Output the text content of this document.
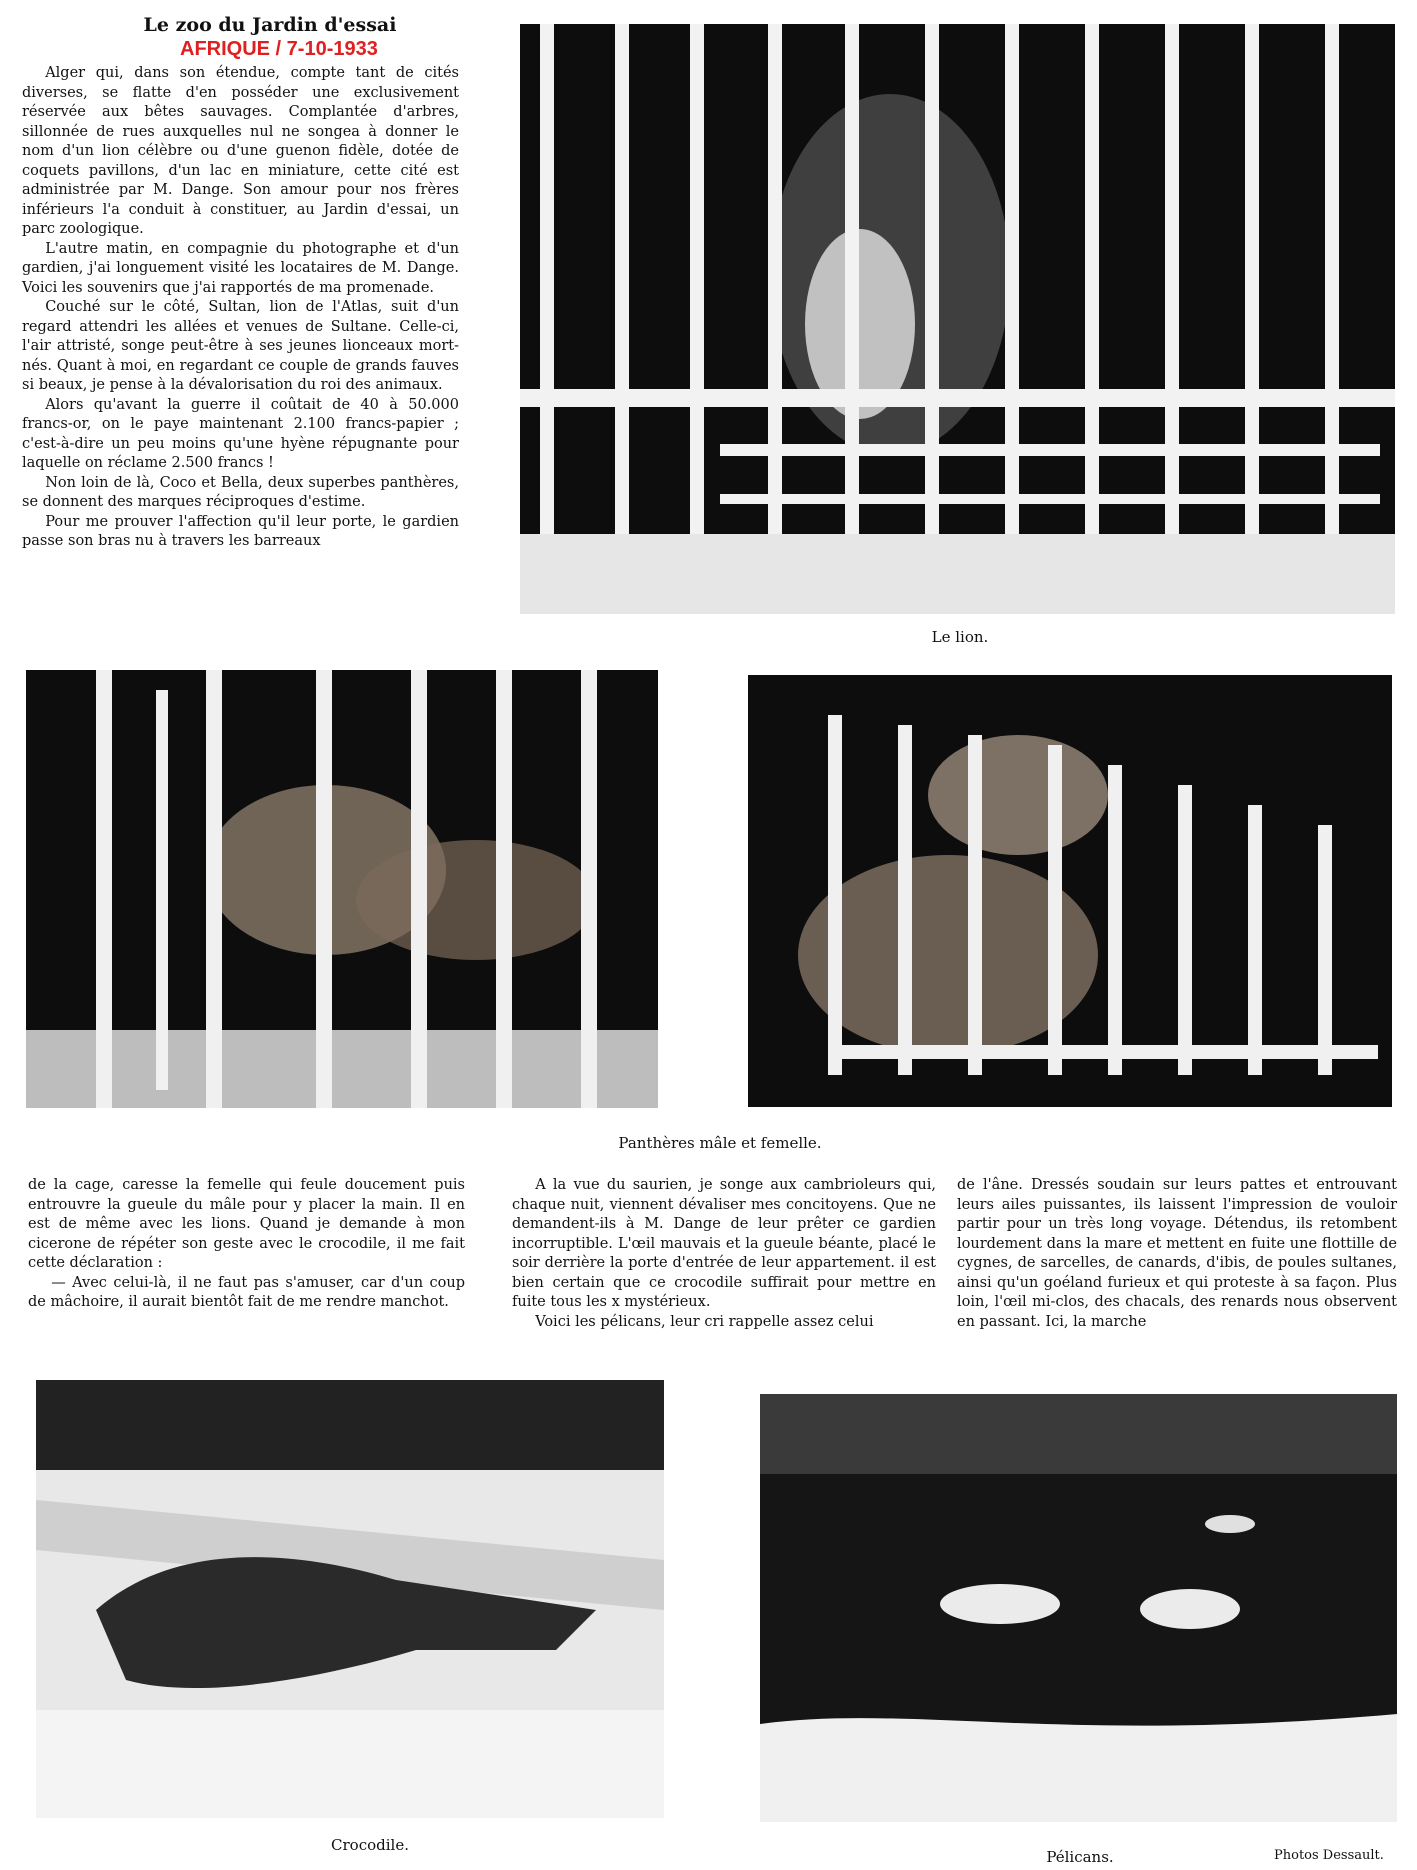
Le zoo du Jardin d'essai
AFRIQUE / 7-10-1933

Alger qui, dans son étendue, compte tant de cités diverses, se flatte d'en posséder une exclusivement réservée aux bêtes sauvages. Complantée d'arbres, sillonnée de rues auxquelles nul ne songea à donner le nom d'un lion célèbre ou d'une guenon fidèle, dotée de coquets pavillons, d'un lac en miniature, cette cité est administrée par M. Dange. Son amour pour nos frères inférieurs l'a conduit à constituer, au Jardin d'essai, un parc zoologique.

L'autre matin, en compagnie du photographe et d'un gardien, j'ai longuement visité les locataires de M. Dange. Voici les souvenirs que j'ai rapportés de ma promenade.

Couché sur le côté, Sultan, lion de l'Atlas, suit d'un regard attendri les allées et venues de Sultane. Celle-ci, l'air attristé, songe peut-être à ses jeunes lionceaux mort-nés. Quant à moi, en regardant ce couple de grands fauves si beaux, je pense à la dévalorisation du roi des animaux.

Alors qu'avant la guerre il coûtait de 40 à 50.000 francs-or, on le paye maintenant 2.100 francs-papier ; c'est-à-dire un peu moins qu'une hyène répugnante pour laquelle on réclame 2.500 francs !

Non loin de là, Coco et Bella, deux superbes panthères, se donnent des marques réciproques d'estime.

Pour me prouver l'affection qu'il leur porte, le gardien passe son bras nu à travers les barreaux

Le lion.
Panthères mâle et femelle.

de la cage, caresse la femelle qui feule doucement puis entrouvre la gueule du mâle pour y placer la main. Il en est de même avec les lions. Quand je demande à mon cicerone de répéter son geste avec le crocodile, il me fait cette déclaration :

— Avec celui-là, il ne faut pas s'amuser, car d'un coup de mâchoire, il aurait bientôt fait de me rendre manchot.

A la vue du saurien, je songe aux cambrioleurs qui, chaque nuit, viennent dévaliser mes concitoyens. Que ne demandent-ils à M. Dange de leur prêter ce gardien incorruptible. L'œil mauvais et la gueule béante, placé le soir derrière la porte d'entrée de leur appartement. il est bien certain que ce crocodile suffirait pour mettre en fuite tous les x mystérieux.

Voici les pélicans, leur cri rappelle assez celui

de l'âne. Dressés soudain sur leurs pattes et entrouvant leurs ailes puissantes, ils laissent l'impression de vouloir partir pour un très long voyage. Détendus, ils retombent lourdement dans la mare et mettent en fuite une flottille de cygnes, de sarcelles, de canards, d'ibis, de poules sultanes, ainsi qu'un goéland furieux et qui proteste à sa façon. Plus loin, l'œil mi-clos, des chacals, des renards nous observent en passant. Ici, la marche

Crocodile.
Pélicans.	Photos Dessault.
